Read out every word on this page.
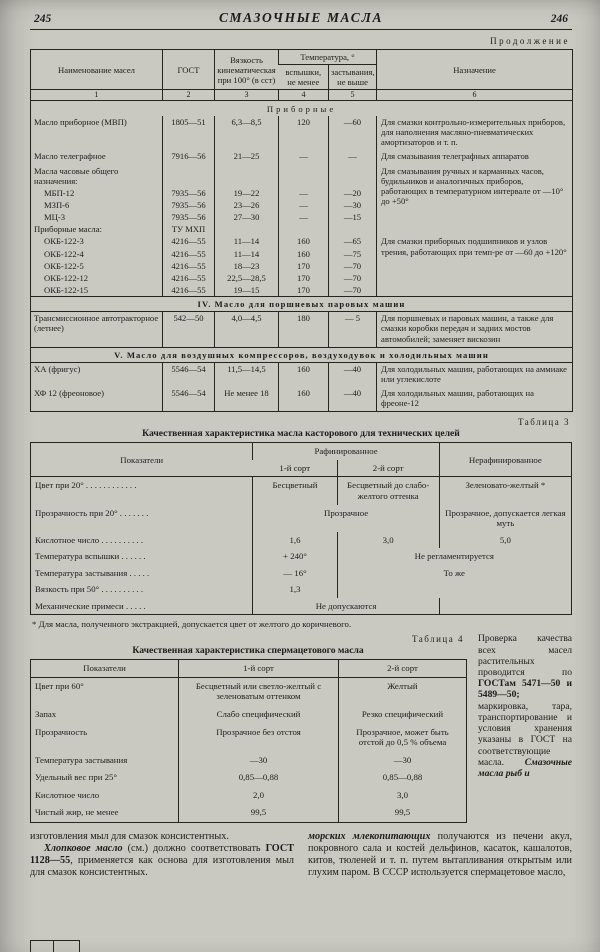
245	СМАЗОЧНЫЕ МАСЛА	246
Продолжение
Наименование масел	ГОСТ	Вязкость кинематическая при 100° (в сст)	Температура, °		Назначение
			вспышки, не менее	застывания, не выше	
1	2	3	4	5	6
Приборные					
Масло приборное (МВП)	1805—51	6,3—8,5	120	—60	Для смазки контрольно-измерительных приборов, для наполнения масляно-пневматических амортизаторов и т. п.
Масло телеграфное	7916—56	21—25	—	—	Для смазывания телеграфных аппаратов
Масла часовые общего назначения:					Для смазывания ручных и карманных часов, будильников и аналогичных приборов, работающих в температурном интервале от —10° до +50°
МБП-12	7935—56	19—22	—	—20	
МЗП-6	7935—56	23—26	—	—30	
МЦ-3	7935—56	27—30	—	—15	
Приборные масла:	ТУ МХП				
ОКБ-122-3	4216—55	11—14	160	—65	Для смазки приборных подшипников и узлов трения, работающих при темп-ре от —60 до +120°
ОКБ-122-4	4216—55	11—14	160	—75	
ОКБ-122-5	4216—55	18—23	170	—70	
ОКБ-122-12	4216—55	22,5—28,5	170	—70	
ОКБ-122-15	4216—55	19—15	170	—70	
IV. Масло для поршневых паровых машин					
Трансмиссионное автотракторное (летнее)	542—50	4,0—4,5	180	— 5	Для поршневых и паровых машин, а также для смазки коробки передач и задних мостов автомобилей; заменяет вискозин
V. Масло для воздушных компрессоров, воздуходувок и холодильных машин					
ХА (фригус)	5546—54	11,5—14,5	160	—40	Для холодильных машин, работающих на аммиаке или углекислоте
ХФ 12 (фреоновое)	5546—54	Не менее 18	160	—40	Для холодильных машин, работающих на фреоне-12
Таблица 3
Качественная характеристика масла касторового для технических целей
Показатели	Рафинированное		Нерафинированное
	1-й сорт	2-й сорт	
Цвет при 20° . . . . . . . . . . . .	Бесцветный	Бесцветный до слабо-желтого оттенка	Зеленовато-желтый *
Прозрачность при 20° . . . . . . .	Прозрачное		Прозрачное, допускается легкая муть
Кислотное число . . . . . . . . . .	1,6	3,0	5,0
Температура вспышки . . . . . .	+ 240°	Не регламентируется	
Температура застывания . . . . .	— 16°	То же	
Вязкость при 50° . . . . . . . . . .	1,3		
Механические примеси . . . . .	Не допускаются		
* Для масла, полученного экстракцией, допускается цвет от желтого до коричневого.
Таблица 4
Качественная характеристика спермацетового масла
Показатели	1-й сорт	2-й сорт
Цвет при 60°	Бесцветный или светло-желтый с зеленоватым оттенком	Желтый
Запах	Слабо специфический	Резко специфический
Прозрачность	Прозрачное без отстоя	Прозрачное, может быть отстой до 0,5 % объема
Температура застывания	—30	—30
Удельный вес при 25°	0,85—0,88	0,85—0,88
Кислотное число	2,0	3,0
Чистый жир, не менее	99,5	99,5
Проверка качества всех масел растительных проводится по ГОСТам 5471—50 и 5489—50; маркировка, тара, транспортирование и условия хранения указаны в ГОСТ на соответствующие масла. Смазочные масла рыб и

изготовления мыл для смазок консистентных.

Хлопковое масло (см.) должно соответствовать ГОСТ 1128—55, применяется как основа для изготовления мыл для смазок консистентных.

морских млекопитающих получаются из печени акул, покровного сала и костей дельфинов, касаток, кашалотов, китов, тюленей и т. п. путем вытапливания открытым или глухим паром. В СССР используется спермацетовое масло,
